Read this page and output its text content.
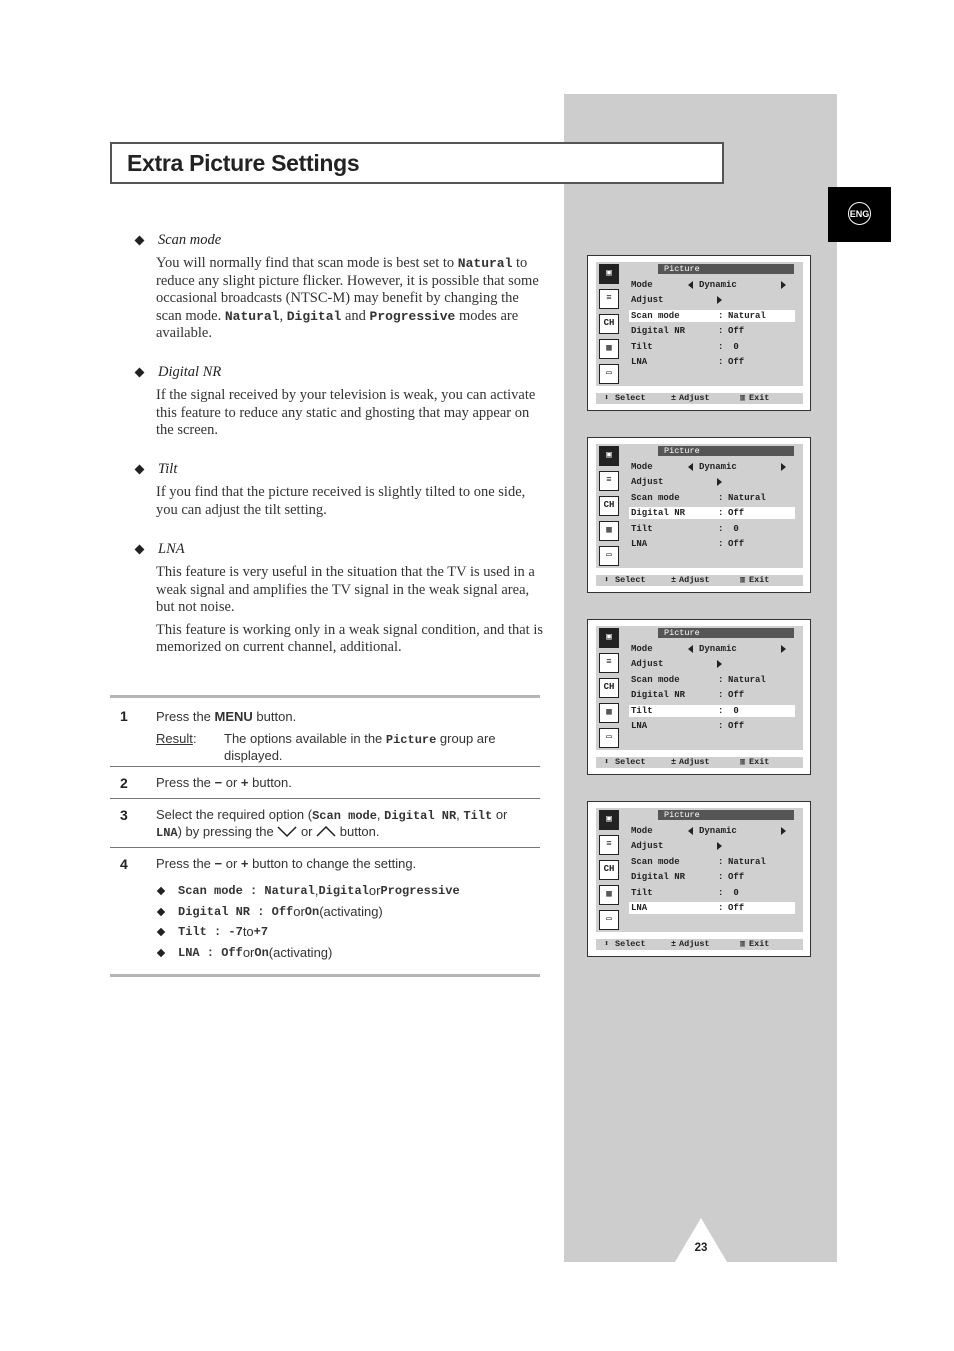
Extra Picture Settings
ENG
Scan mode
You will normally find that scan mode is best set to Natural to reduce any slight picture flicker. However, it is possible that some occasional broadcasts (NTSC-M) may benefit by changing the scan mode. Natural, Digital and Progressive modes are available.
Digital NR
If the signal received by your television is weak, you can activate this feature to reduce any static and ghosting that may appear on the screen.
Tilt
If you find that the picture received is slightly tilted to one side, you can adjust the tilt setting.
LNA
This feature is very useful in the situation that the TV is used in a weak signal and amplifies the TV signal in the weak signal area, but not noise.
This feature is working only in a weak signal condition, and that is memorized on current channel, additional.
1 Press the MENU button.
Result : The options available in the Picture group are displayed.
2 Press the − or + button.
3 Select the required option (Scan mode, Digital NR, Tilt or
LNA) by pressing the  or  button.
4 Press the − or + button to change the setting.
Scan mode : Natural , Digital or Progressive
Digital NR : Off or On (activating)
Tilt : -7 to +7
LNA : Off or On (activating)
▣
≡
CH
▦
▭
Picture
Mode	Dynamic
Adjust
Scan mode	: Natural
Digital NR	: Off
Tilt	: 0
LNA	: Off
⬍ Select	± Adjust	▥ Exit
▣
≡
CH
▦
▭
Picture
Mode	Dynamic
Adjust
Scan mode	: Natural
Digital NR	: Off
Tilt	: 0
LNA	: Off
⬍ Select	± Adjust	▥ Exit
▣
≡
CH
▦
▭
Picture
Mode	Dynamic
Adjust
Scan mode	: Natural
Digital NR	: Off
Tilt	: 0
LNA	: Off
⬍ Select	± Adjust	▥ Exit
▣
≡
CH
▦
▭
Picture
Mode	Dynamic
Adjust
Scan mode	: Natural
Digital NR	: Off
Tilt	: 0
LNA	: Off
⬍ Select	± Adjust	▥ Exit
23
